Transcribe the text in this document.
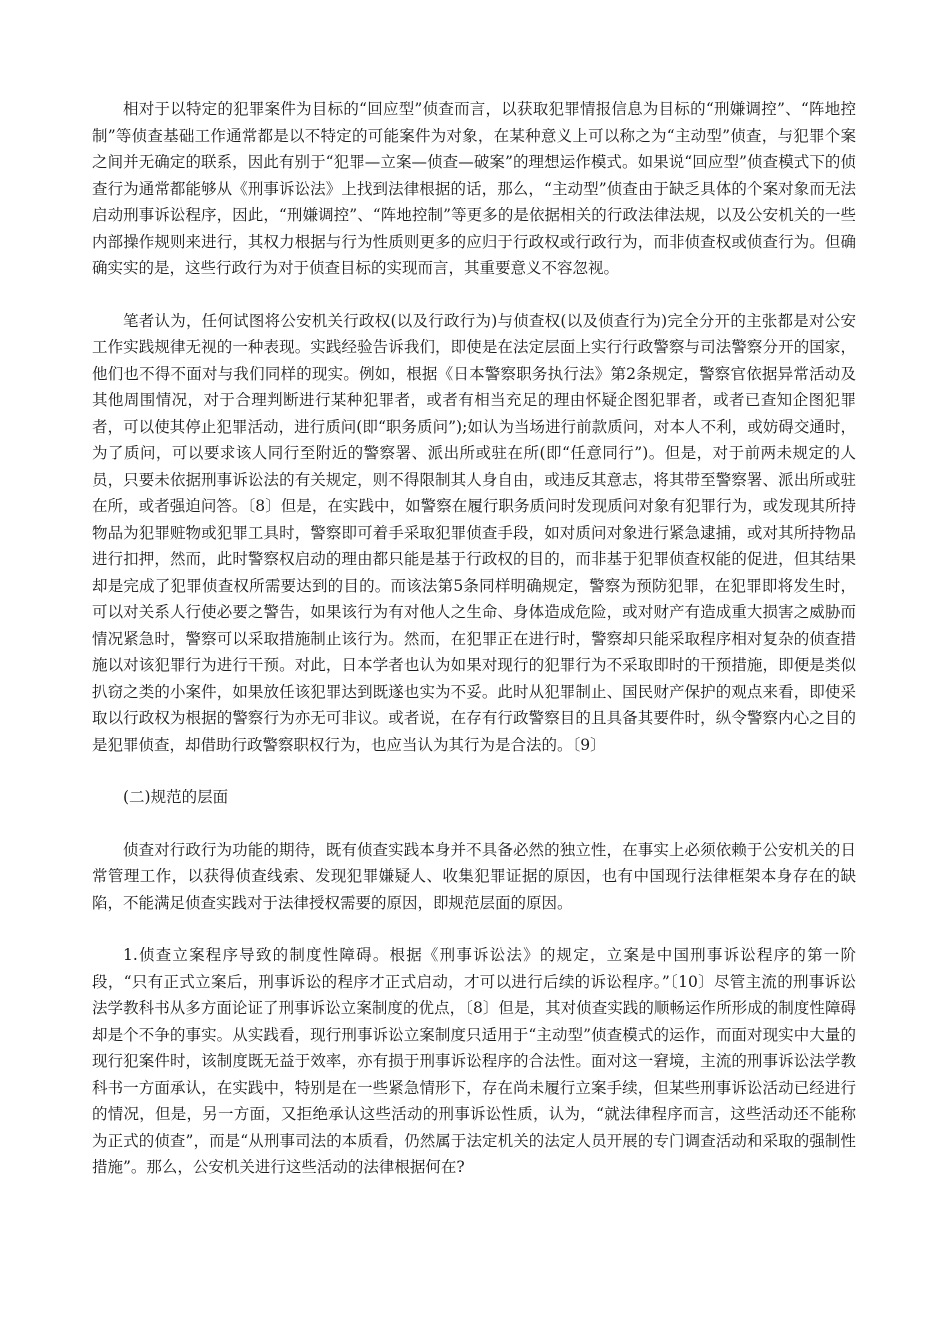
相对于以特定的犯罪案件为目标的“回应型”侦查而言，以获取犯罪情报信息为目标的“刑嫌调控”、“阵地控制”等侦查基础工作通常都是以不特定的可能案件为对象，在某种意义上可以称之为“主动型”侦查，与犯罪个案之间并无确定的联系，因此有别于“犯罪—立案—侦查—破案”的理想运作模式。如果说“回应型”侦查模式下的侦查行为通常都能够从《刑事诉讼法》上找到法律根据的话，那么，“主动型”侦查由于缺乏具体的个案对象而无法启动刑事诉讼程序，因此，“刑嫌调控”、“阵地控制”等更多的是依据相关的行政法律法规，以及公安机关的一些内部操作规则来进行，其权力根据与行为性质则更多的应归于行政权或行政行为，而非侦查权或侦查行为。但确确实实的是，这些行政行为对于侦查目标的实现而言，其重要意义不容忽视。

笔者认为，任何试图将公安机关行政权(以及行政行为)与侦查权(以及侦查行为)完全分开的主张都是对公安工作实践规律无视的一种表现。实践经验告诉我们，即使是在法定层面上实行行政警察与司法警察分开的国家，他们也不得不面对与我们同样的现实。例如，根据《日本警察职务执行法》第2条规定，警察官依据异常活动及其他周围情况，对于合理判断进行某种犯罪者，或者有相当充足的理由怀疑企图犯罪者，或者已查知企图犯罪者，可以使其停止犯罪活动，进行质问(即“职务质问”);如认为当场进行前款质问，对本人不利，或妨碍交通时，为了质问，可以要求该人同行至附近的警察署、派出所或驻在所(即“任意同行”)。但是，对于前两未规定的人员，只要未依据刑事诉讼法的有关规定，则不得限制其人身自由，或违反其意志，将其带至警察署、派出所或驻在所，或者强迫问答。〔8〕但是，在实践中，如警察在履行职务质问时发现质问对象有犯罪行为，或发现其所持物品为犯罪赃物或犯罪工具时，警察即可着手采取犯罪侦查手段，如对质问对象进行紧急逮捕，或对其所持物品进行扣押，然而，此时警察权启动的理由都只能是基于行政权的目的，而非基于犯罪侦查权能的促进，但其结果却是完成了犯罪侦查权所需要达到的目的。而该法第5条同样明确规定，警察为预防犯罪，在犯罪即将发生时，可以对关系人行使必要之警告，如果该行为有对他人之生命、身体造成危险，或对财产有造成重大损害之威胁而情况紧急时，警察可以采取措施制止该行为。然而，在犯罪正在进行时，警察却只能采取程序相对复杂的侦查措施以对该犯罪行为进行干预。对此，日本学者也认为如果对现行的犯罪行为不采取即时的干预措施，即便是类似扒窃之类的小案件，如果放任该犯罪达到既遂也实为不妥。此时从犯罪制止、国民财产保护的观点来看，即使采取以行政权为根据的警察行为亦无可非议。或者说，在存有行政警察目的且具备其要件时，纵令警察内心之目的是犯罪侦查，却借助行政警察职权行为，也应当认为其行为是合法的。〔9〕

(二)规范的层面

侦查对行政行为功能的期待，既有侦查实践本身并不具备必然的独立性，在事实上必须依赖于公安机关的日常管理工作，以获得侦查线索、发现犯罪嫌疑人、收集犯罪证据的原因，也有中国现行法律框架本身存在的缺陷，不能满足侦查实践对于法律授权需要的原因，即规范层面的原因。

1.侦查立案程序导致的制度性障碍。根据《刑事诉讼法》的规定，立案是中国刑事诉讼程序的第一阶段，“只有正式立案后，刑事诉讼的程序才正式启动，才可以进行后续的诉讼程序。”〔10〕尽管主流的刑事诉讼法学教科书从多方面论证了刑事诉讼立案制度的优点，〔8〕但是，其对侦查实践的顺畅运作所形成的制度性障碍却是个不争的事实。从实践看，现行刑事诉讼立案制度只适用于“主动型”侦查模式的运作，而面对现实中大量的现行犯案件时，该制度既无益于效率，亦有损于刑事诉讼程序的合法性。面对这一窘境，主流的刑事诉讼法学教科书一方面承认，在实践中，特别是在一些紧急情形下，存在尚未履行立案手续，但某些刑事诉讼活动已经进行的情况，但是，另一方面，又拒绝承认这些活动的刑事诉讼性质，认为，“就法律程序而言，这些活动还不能称为正式的侦查”，而是“从刑事司法的本质看，仍然属于法定机关的法定人员开展的专门调查活动和采取的强制性措施”。那么，公安机关进行这些活动的法律根据何在?
